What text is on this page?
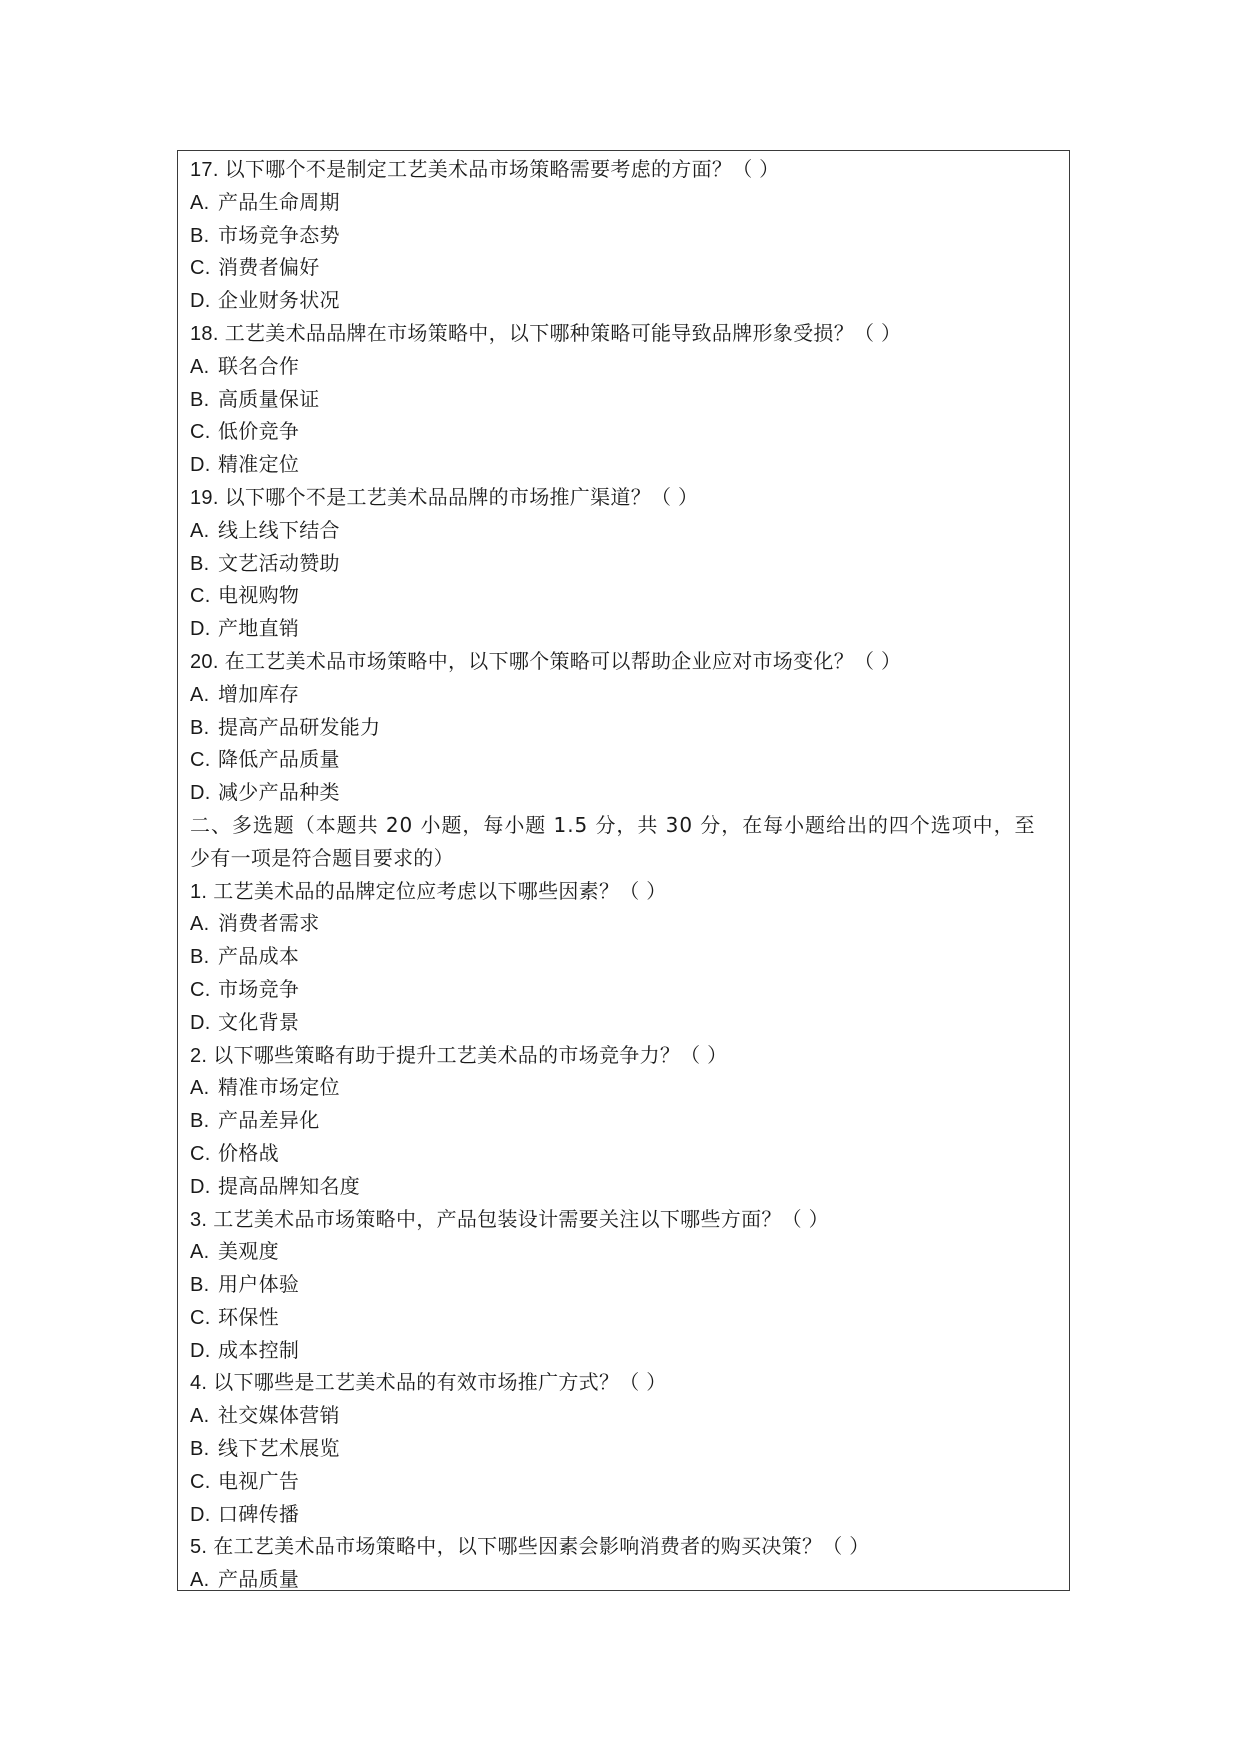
17. 以下哪个不是制定工艺美术品市场策略需要考虑的方面？（ ）
A. 产品生命周期
B. 市场竞争态势
C. 消费者偏好
D. 企业财务状况
18. 工艺美术品品牌在市场策略中，以下哪种策略可能导致品牌形象受损？（ ）
A. 联名合作
B. 高质量保证
C. 低价竞争
D. 精准定位
19. 以下哪个不是工艺美术品品牌的市场推广渠道？（ ）
A. 线上线下结合
B. 文艺活动赞助
C. 电视购物
D. 产地直销
20. 在工艺美术品市场策略中，以下哪个策略可以帮助企业应对市场变化？（ ）
A. 增加库存
B. 提高产品研发能力
C. 降低产品质量
D. 减少产品种类
二、多选题（本题共 20 小题，每小题 1.5 分，共 30 分，在每小题给出的四个选项中，至
少有一项是符合题目要求的）
1. 工艺美术品的品牌定位应考虑以下哪些因素？（ ）
A. 消费者需求
B. 产品成本
C. 市场竞争
D. 文化背景
2. 以下哪些策略有助于提升工艺美术品的市场竞争力？（ ）
A. 精准市场定位
B. 产品差异化
C. 价格战
D. 提高品牌知名度
3. 工艺美术品市场策略中，产品包装设计需要关注以下哪些方面？（ ）
A. 美观度
B. 用户体验
C. 环保性
D. 成本控制
4. 以下哪些是工艺美术品的有效市场推广方式？（ ）
A. 社交媒体营销
B. 线下艺术展览
C. 电视广告
D. 口碑传播
5. 在工艺美术品市场策略中，以下哪些因素会影响消费者的购买决策？（ ）
A. 产品质量
